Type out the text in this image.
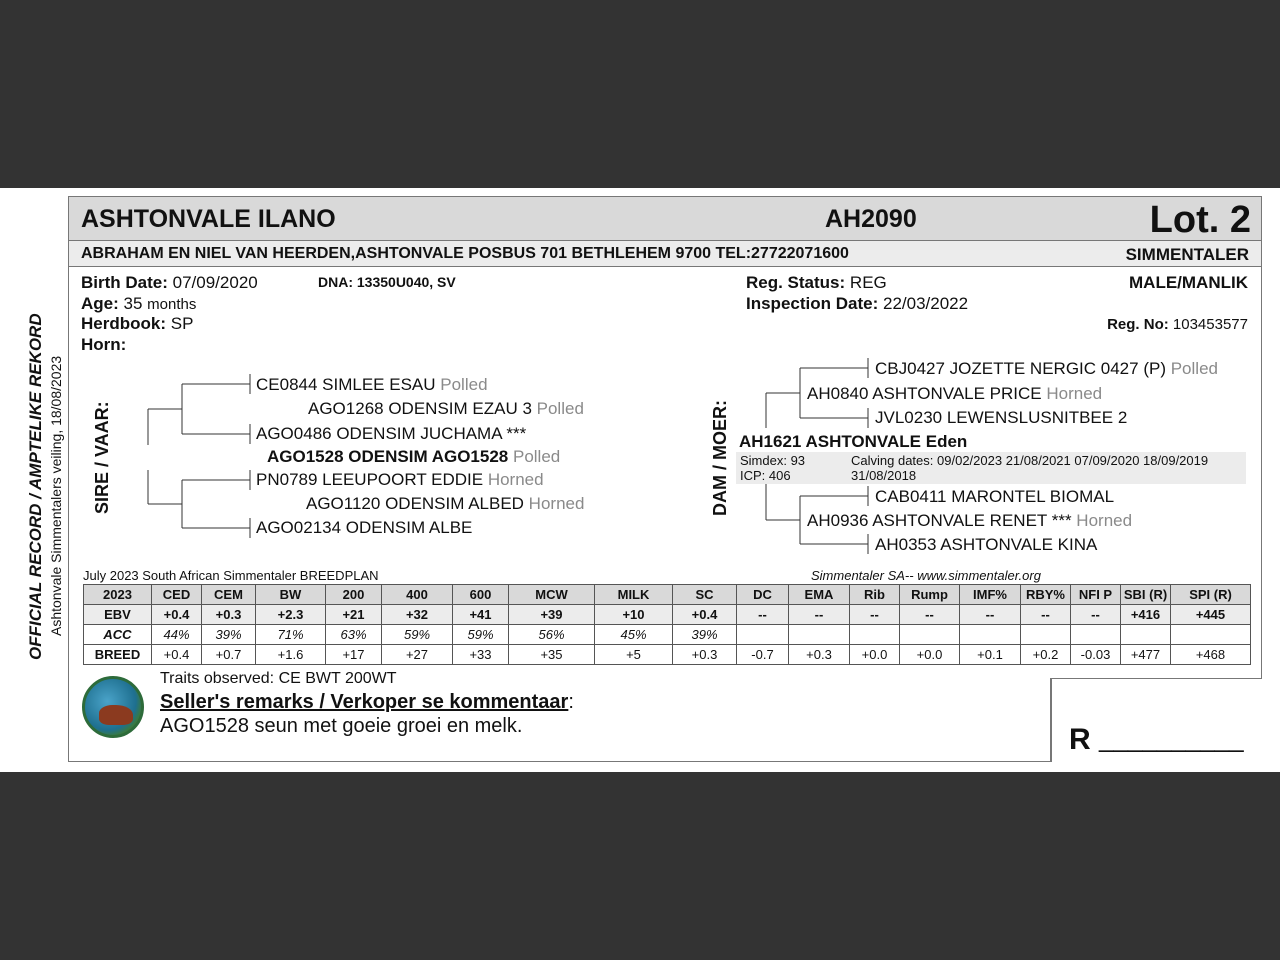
OFFICIAL RECORD / AMPTELIKE REKORD Ashtonvale Simmentalers veiling, 18/08/2023
ASHTONVALE ILANO	AH2090	Lot. 2
ABRAHAM EN NIEL VAN HEERDEN,ASHTONVALE POSBUS 701 BETHLEHEM 9700 TEL:27722071600	SIMMENTALER
R __________
Birth Date: 07/09/2020	DNA: 13350U040, SV
Age: 35 months
Herdbook: SP
Horn:
Reg. Status: REG
Inspection Date: 22/03/2022
MALE/MANLIK
Reg. No: 103453577
SIRE / VAAR:
CE0844 SIMLEE ESAU Polled
AGO1268 ODENSIM EZAU 3 Polled
AGO0486 ODENSIM JUCHAMA ***
AGO1528 ODENSIM AGO1528 Polled
PN0789 LEEUPOORT EDDIE Horned
AGO1120 ODENSIM ALBED Horned
AGO02134 ODENSIM ALBE
DAM / MOER:
CBJ0427 JOZETTE NERGIC 0427 (P) Polled
AH0840 ASHTONVALE PRICE Horned
JVL0230 LEWENSLUSNITBEE 2
AH1621 ASHTONVALE Eden
Simdex: 93
ICP: 406
Calving dates: 09/02/2023 21/08/2021 07/09/2020 18/09/2019
31/08/2018
CAB0411 MARONTEL BIOMAL
AH0936 ASHTONVALE RENET *** Horned
AH0353 ASHTONVALE KINA
July 2023 South African Simmentaler BREEDPLAN	Simmentaler SA-- www.simmentaler.org
2023	CED	CEM	BW	200	400	600	MCW	MILK	SC	DC	EMA	Rib	Rump	IMF%	RBY%	NFI P	SBI (R)	SPI (R)
EBV	+0.4	+0.3	+2.3	+21	+32	+41	+39	+10	+0.4	--	--	--	--	--	--	--	+416	+445
ACC	44%	39%	71%	63%	59%	59%	56%	45%	39%									
BREED	+0.4	+0.7	+1.6	+17	+27	+33	+35	+5	+0.3	-0.7	+0.3	+0.0	+0.0	+0.1	+0.2	-0.03	+477	+468
Traits observed: CE BWT 200WT
Seller's remarks / Verkoper se kommentaar:
AGO1528 seun met goeie groei en melk.
